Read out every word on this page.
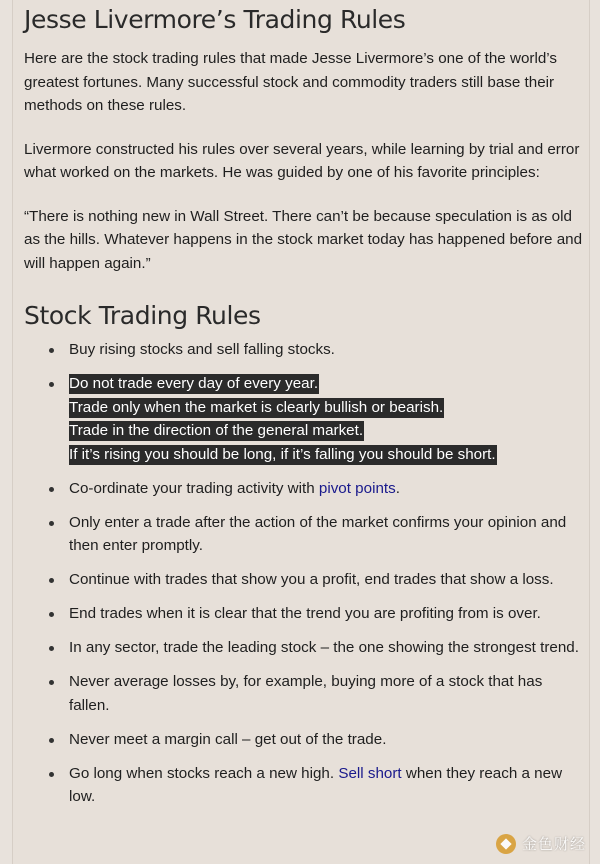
Jesse Livermore’s Trading Rules

Here are the stock trading rules that made Jesse Livermore’s one of the world’s greatest fortunes. Many successful stock and commodity traders still base their methods on these rules.

Livermore constructed his rules over several years, while learning by trial and error what worked on the markets. He was guided by one of his favorite principles:

“There is nothing new in Wall Street. There can’t be because speculation is as old as the hills. Whatever happens in the stock market today has happened before and will happen again.”

Stock Trading Rules
Buy rising stocks and sell falling stocks.
Do not trade every day of every year.
Trade only when the market is clearly bullish or bearish.
Trade in the direction of the general market.
If it’s rising you should be long, if it’s falling you should be short.
Co-ordinate your trading activity with pivot points.
Only enter a trade after the action of the market confirms your opinion and then enter promptly.
Continue with trades that show you a profit, end trades that show a loss.
End trades when it is clear that the trend you are profiting from is over.
In any sector, trade the leading stock – the one showing the strongest trend.
Never average losses by, for example, buying more of a stock that has fallen.
Never meet a margin call – get out of the trade.
Go long when stocks reach a new high. Sell short when they reach a new low.
金色财经
